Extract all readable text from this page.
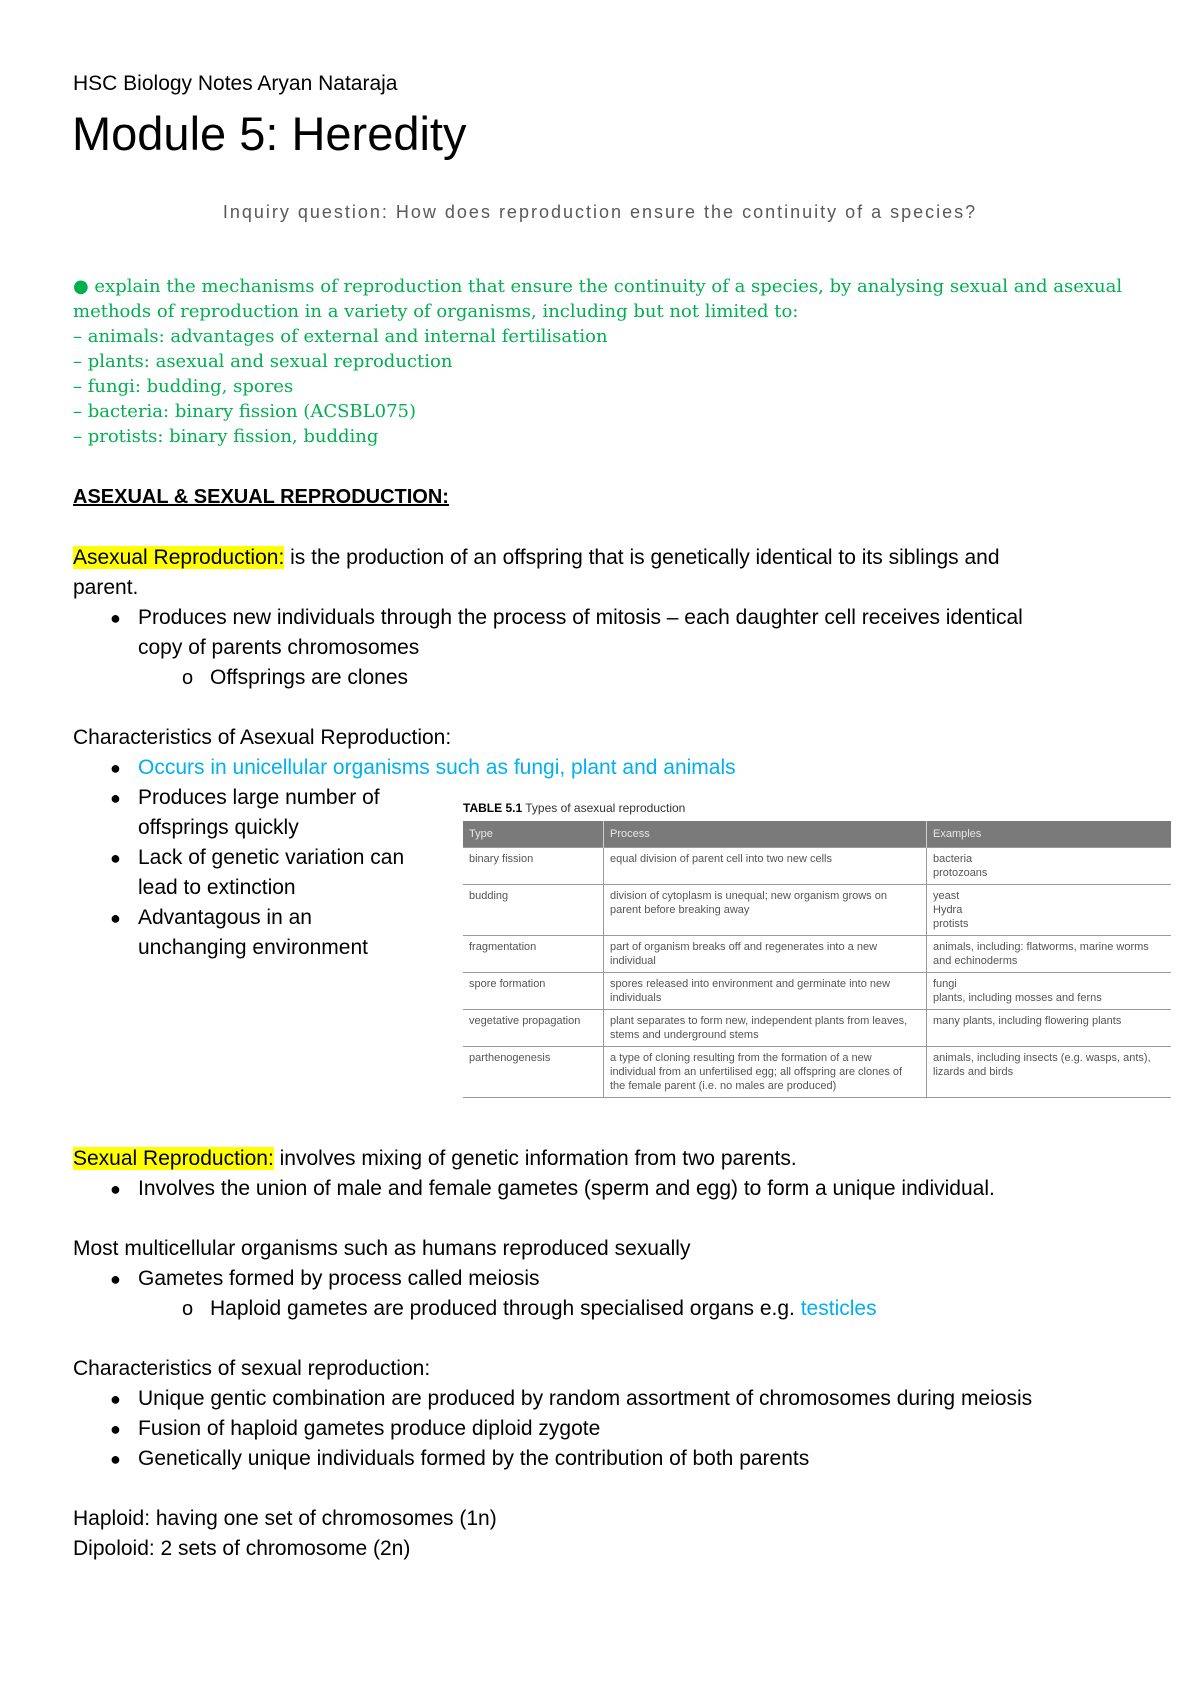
HSC Biology Notes Aryan Nataraja
Module 5: Heredity
Inquiry question: How does reproduction ensure the continuity of a species?
● explain the mechanisms of reproduction that ensure the continuity of a species, by analysing sexual and asexual methods of reproduction in a variety of organisms, including but not limited to:
– animals: advantages of external and internal fertilisation
– plants: asexual and sexual reproduction
– fungi: budding, spores
– bacteria: binary fission (ACSBL075)
– protists: binary fission, budding
ASEXUAL & SEXUAL REPRODUCTION:
Asexual Reproduction: is the production of an offspring that is genetically identical to its siblings and
parent.
● Produces new individuals through the process of mitosis – each daughter cell receives identical
copy of parents chromosomes
o Offsprings are clones
Characteristics of Asexual Reproduction:
● Occurs in unicellular organisms such as fungi, plant and animals
● Produces large number of
offsprings quickly
● Lack of genetic variation can
lead to extinction
● Advantagous in an
unchanging environment
TABLE 5.1 Types of asexual reproduction
Type	Process	Examples
binary fission	equal division of parent cell into two new cells	bacteria
protozoans
budding	division of cytoplasm is unequal; new organism grows on parent before breaking away	yeast
Hydra
protists
fragmentation	part of organism breaks off and regenerates into a new individual	animals, including: flatworms, marine worms and echinoderms
spore formation	spores released into environment and germinate into new individuals	fungi
plants, including mosses and ferns
vegetative propagation	plant separates to form new, independent plants from leaves, stems and underground stems	many plants, including flowering plants
parthenogenesis	a type of cloning resulting from the formation of a new individual from an unfertilised egg; all offspring are clones of the female parent (i.e. no males are produced)	animals, including insects (e.g. wasps, ants), lizards and birds
Sexual Reproduction: involves mixing of genetic information from two parents.
● Involves the union of male and female gametes (sperm and egg) to form a unique individual.
Most multicellular organisms such as humans reproduced sexually
● Gametes formed by process called meiosis
o Haploid gametes are produced through specialised organs e.g. testicles
Characteristics of sexual reproduction:
● Unique gentic combination are produced by random assortment of chromosomes during meiosis
● Fusion of haploid gametes produce diploid zygote
● Genetically unique individuals formed by the contribution of both parents
Haploid: having one set of chromosomes (1n)
Dipoloid: 2 sets of chromosome (2n)
